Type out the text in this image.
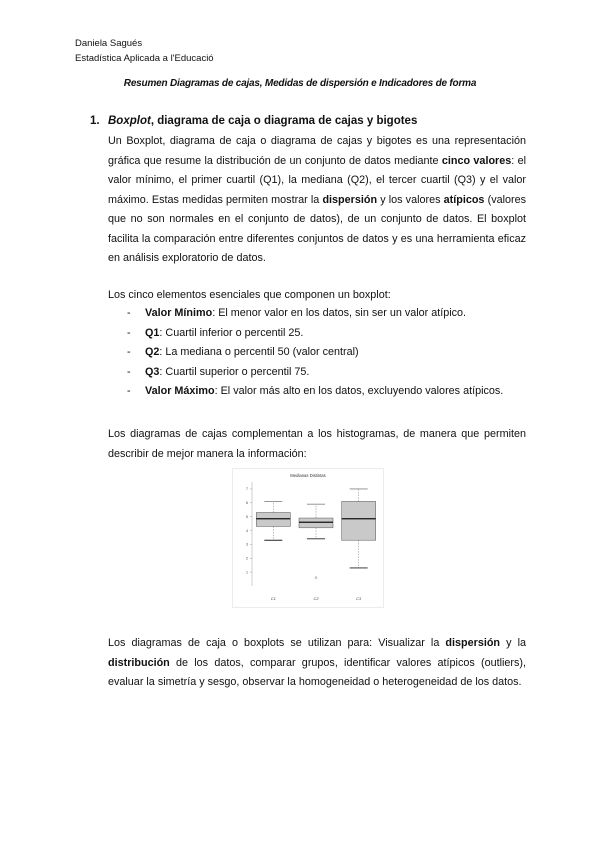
Daniela Sagués
Estadística Aplicada a l'Educació
Resumen Diagramas de cajas, Medidas de dispersión e Indicadores de forma
1. Boxplot, diagrama de caja o diagrama de cajas y bigotes
Un Boxplot, diagrama de caja o diagrama de cajas y bigotes es una representación gráfica que resume la distribución de un conjunto de datos mediante cinco valores: el valor mínimo, el primer cuartil (Q1), la mediana (Q2), el tercer cuartil (Q3) y el valor máximo. Estas medidas permiten mostrar la dispersión y los valores atípicos (valores que no son normales en el conjunto de datos), de un conjunto de datos. El boxplot facilita la comparación entre diferentes conjuntos de datos y es una herramienta eficaz en análisis exploratorio de datos.
Los cinco elementos esenciales que componen un boxplot:
- Valor Mínimo: El menor valor en los datos, sin ser un valor atípico.
- Q1: Cuartil inferior o percentil 25.
- Q2: La mediana o percentil 50 (valor central)
- Q3: Cuartil superior o percentil 75.
- Valor Máximo: El valor más alto en los datos, excluyendo valores atípicos.
Los diagramas de cajas complementan a los histogramas, de manera que permiten describir de mejor manera la información:
Medianas Distintas
1
2
3
4
5
6
7
C1	C2	C3
Los diagramas de caja o boxplots se utilizan para: Visualizar la dispersión y la distribución de los datos, comparar grupos, identificar valores atípicos (outliers), evaluar la simetría y sesgo, observar la homogeneidad o heterogeneidad de los datos.
